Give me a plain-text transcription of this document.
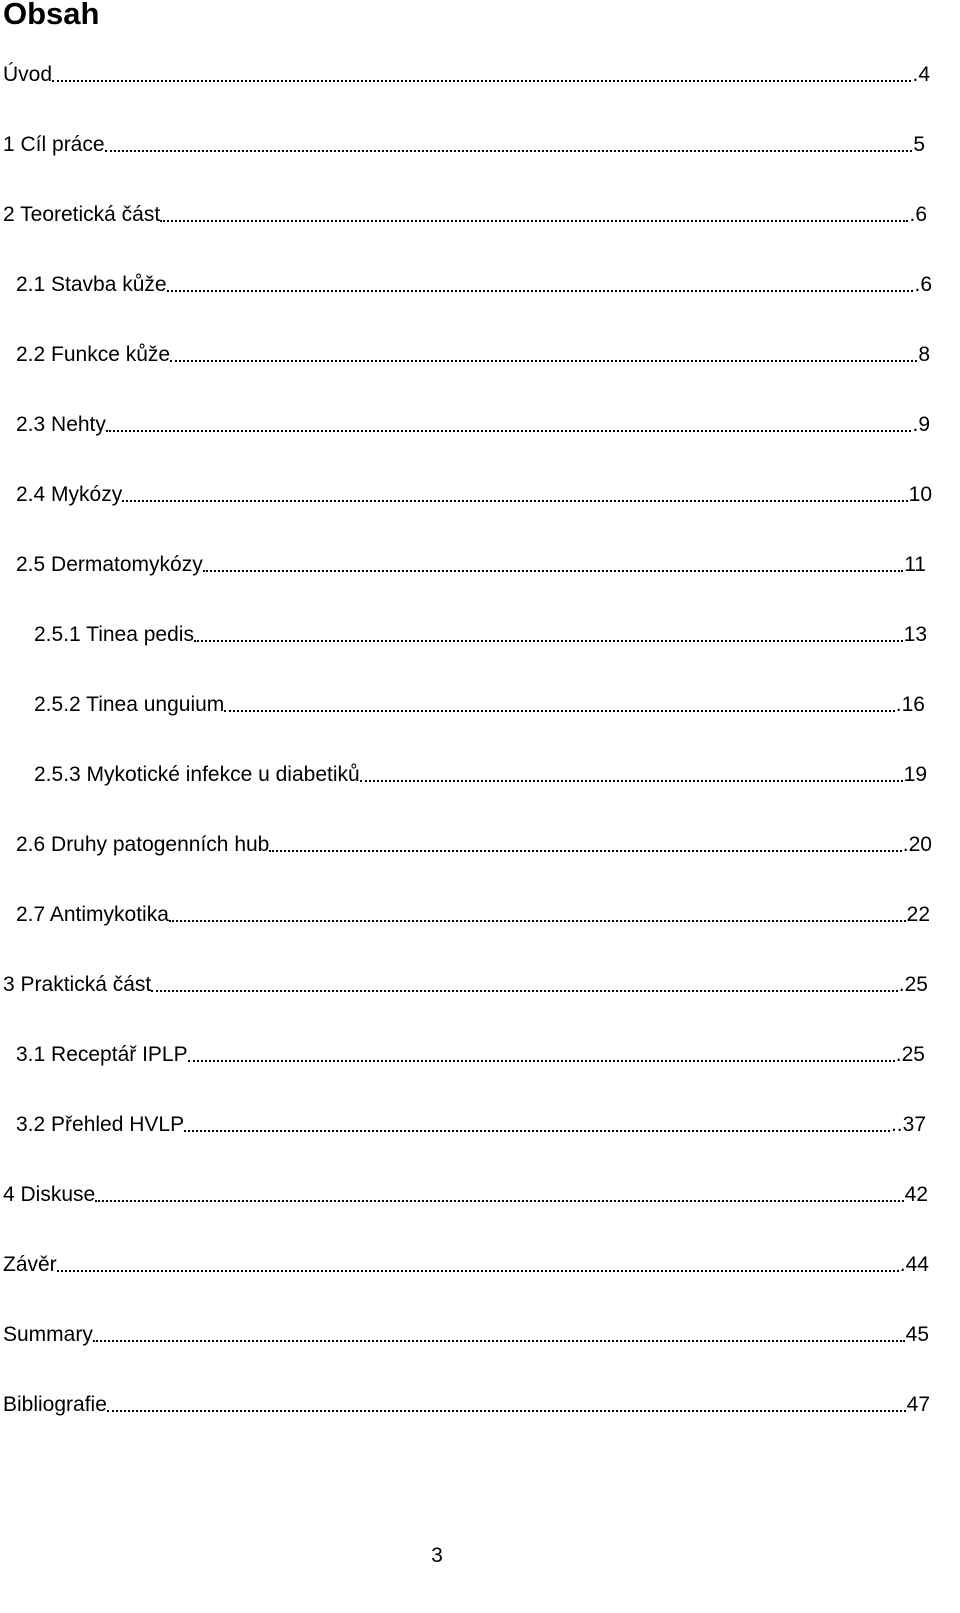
Obsah
Úvod	.4
1 Cíl práce	5
2 Teoretická část	.6
2.1 Stavba kůže	.6
2.2 Funkce kůže	8
2.3 Nehty	.9
2.4 Mykózy	10
2.5 Dermatomykózy	11
2.5.1 Tinea pedis	13
2.5.2 Tinea unguium	.16
2.5.3 Mykotické infekce u diabetiků	19
2.6 Druhy patogenních hub	.20
2.7 Antimykotika	22
3 Praktická část	.25
3.1 Receptář IPLP	.25
3.2 Přehled HVLP	..37
4 Diskuse	42
Závěr	.44
Summary	45
Bibliografie	47
3
